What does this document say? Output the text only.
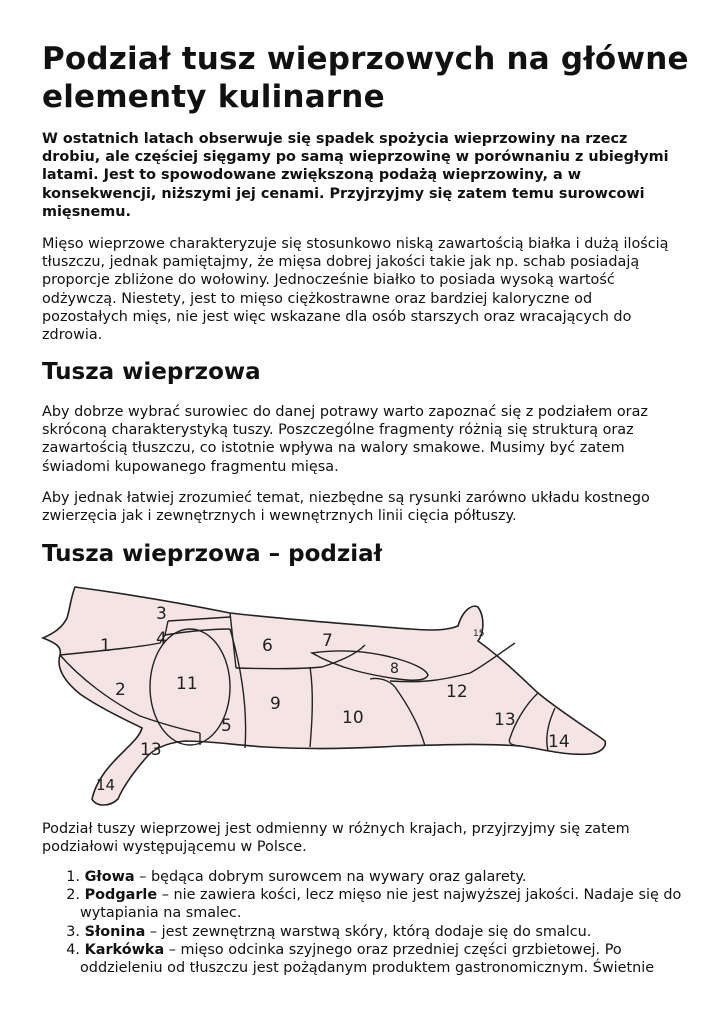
Podział tusz wieprzowych na główne elementy kulinarne

W ostatnich latach obserwuje się spadek spożycia wieprzowiny na rzecz drobiu, ale częściej sięgamy po samą wieprzowinę w porównaniu z ubiegłymi latami. Jest to spowodowane zwiększoną podażą wieprzowiny, a w konsekwencji, niższymi jej cenami. Przyjrzyjmy się zatem temu surowcowi mięsnemu.

Mięso wieprzowe charakteryzuje się stosunkowo niską zawartością białka i dużą ilością tłuszczu, jednak pamiętajmy, że mięsa dobrej jakości takie jak np. schab posiadają proporcje zbliżone do wołowiny. Jednocześnie białko to posiada wysoką wartość odżywczą. Niestety, jest to mięso ciężkostrawne oraz bardziej kaloryczne od pozostałych mięs, nie jest więc wskazane dla osób starszych oraz wracających do zdrowia.

Tusza wieprzowa

Aby dobrze wybrać surowiec do danej potrawy warto zapoznać się z podziałem oraz skróconą charakterystyką tuszy. Poszczególne fragmenty różnią się strukturą oraz zawartością tłuszczu, co istotnie wpływa na walory smakowe. Musimy być zatem świadomi kupowanego fragmentu mięsa.

Aby jednak łatwiej zrozumieć temat, niezbędne są rysunki zarówno układu kostnego zwierzęcia jak i zewnętrznych i wewnętrznych linii cięcia półtuszy.

Tusza wieprzowa – podział
1
2
3
4
5
6	7
8
9
10
11	12
13
13	14
14
15

Podział tuszy wieprzowej jest odmienny w różnych krajach, przyjrzyjmy się zatem podziałowi występującemu w Polsce.

1. Głowa – będąca dobrym surowcem na wywary oraz galarety.
2. Podgarle – nie zawiera kości, lecz mięso nie jest najwyższej jakości. Nadaje się do wytapiania na smalec.
3. Słonina – jest zewnętrzną warstwą skóry, którą dodaje się do smalcu.
4. Karkówka – mięso odcinka szyjnego oraz przedniej części grzbietowej. Po oddzieleniu od tłuszczu jest pożądanym produktem gastronomicznym. Świetnie
